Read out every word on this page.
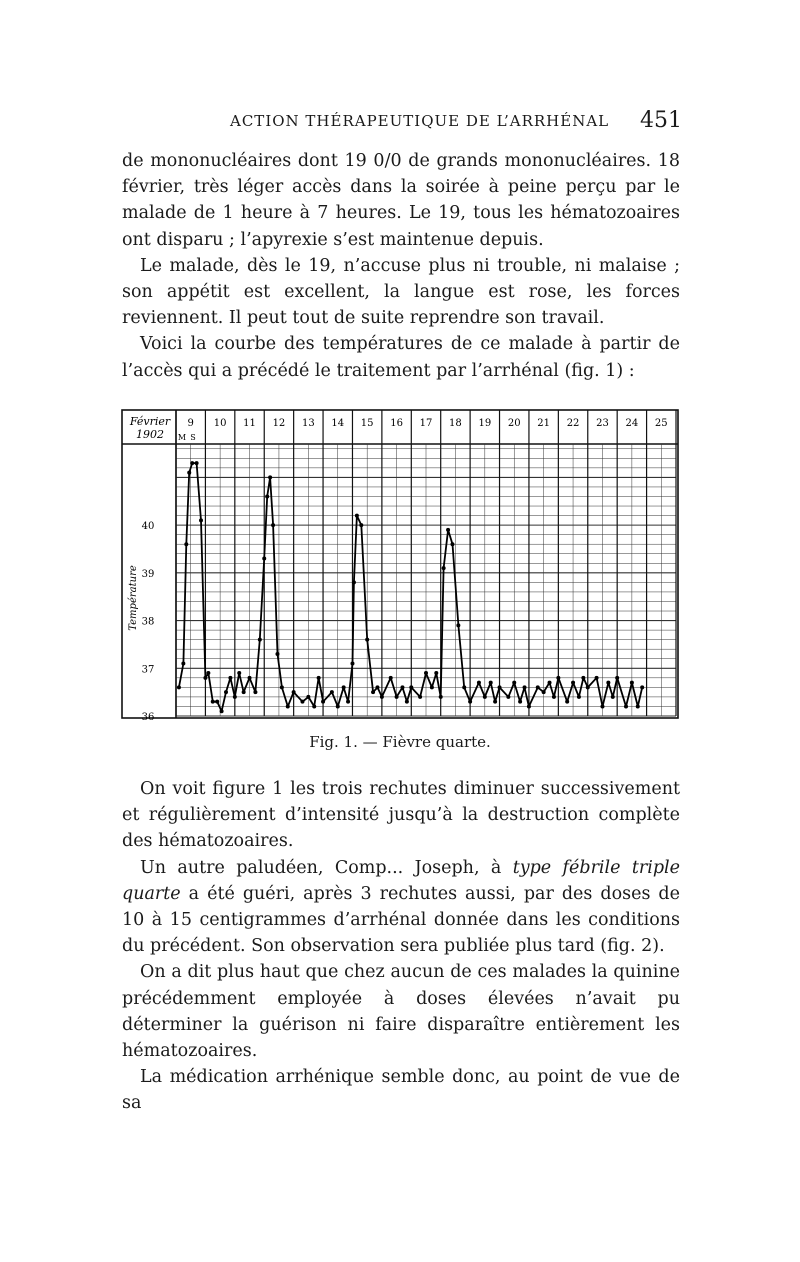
ACTION THÉRAPEUTIQUE DE L’ARRHÉNAL 451

de mononucléaires dont 19 0/0 de grands mononucléaires. 18 février, très léger accès dans la soirée à peine perçu par le malade de 1 heure à 7 heures. Le 19, tous les hématozoaires ont disparu ; l’apyrexie s’est maintenue depuis.

Le malade, dès le 19, n’accuse plus ni trouble, ni malaise ; son appétit est excellent, la langue est rose, les forces reviennent. Il peut tout de suite reprendre son travail.

Voici la courbe des températures de ce malade à partir de l’accès qui a précédé le traitement par l’arrhénal (fig. 1) :

9 10 11 12 13 14 15 16 17 18 19 20 21 22 23 24 25
36
37
38
39
40
Février
1902
Température
M S
Fig. 1. — Fièvre quarte.

On voit figure 1 les trois rechutes diminuer successivement et régulièrement d’intensité jusqu’à la destruction complète des hématozoaires.

Un autre paludéen, Comp... Joseph, à type fébrile triple quarte a été guéri, après 3 rechutes aussi, par des doses de 10 à 15 centigrammes d’arrhénal donnée dans les conditions du précédent. Son observation sera publiée plus tard (fig. 2).

On a dit plus haut que chez aucun de ces malades la quinine précédemment employée à doses élevées n’avait pu déterminer la guérison ni faire disparaître entièrement les hématozoaires.

La médication arrhénique semble donc, au point de vue de sa
